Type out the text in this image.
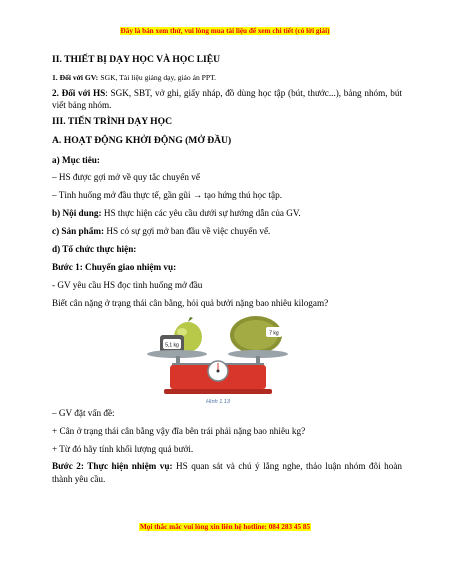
Đây là bản xem thử, vui lòng mua tài liệu để xem chi tiết (có lời giải)

II. THIẾT BỊ DẠY HỌC VÀ HỌC LIỆU

1. Đối với GV: SGK, Tài liệu giảng dạy, giáo án PPT.

2. Đối với HS: SGK, SBT, vở ghi, giấy nháp, đồ dùng học tập (bút, thước...), bảng nhóm, bút viết bảng nhóm.

III. TIẾN TRÌNH DẠY HỌC

A. HOẠT ĐỘNG KHỞI ĐỘNG (MỞ ĐẦU)

a) Mục tiêu:

– HS được gợi mở về quy tắc chuyển vế

– Tình huống mở đầu thực tế, gần gũi → tạo hứng thú học tập.

b) Nội dung: HS thực hiện các yêu cầu dưới sự hướng dẫn của GV.

c) Sản phẩm: HS có sự gợi mở ban đầu về việc chuyển vế.

d) Tổ chức thực hiện:

Bước 1: Chuyển giao nhiệm vụ:

- GV yêu cầu HS đọc tình huống mở đầu

Biết cân nặng ở trạng thái cân bằng, hỏi quả bưởi nặng bao nhiêu kilogam?

5,1 kg
7 kg
Hình 1.13

– GV đặt vấn đề:

+ Cân ở trạng thái cân bằng vậy đĩa bên trái phải nặng bao nhiêu kg?

+ Từ đó hãy tính khối lượng quả bưởi.

Bước 2: Thực hiện nhiệm vụ: HS quan sát và chú ý lắng nghe, thảo luận nhóm đôi hoàn thành yêu cầu.

Mọi thắc mắc vui lòng xin liên hệ hotline: 084 283 45 85
